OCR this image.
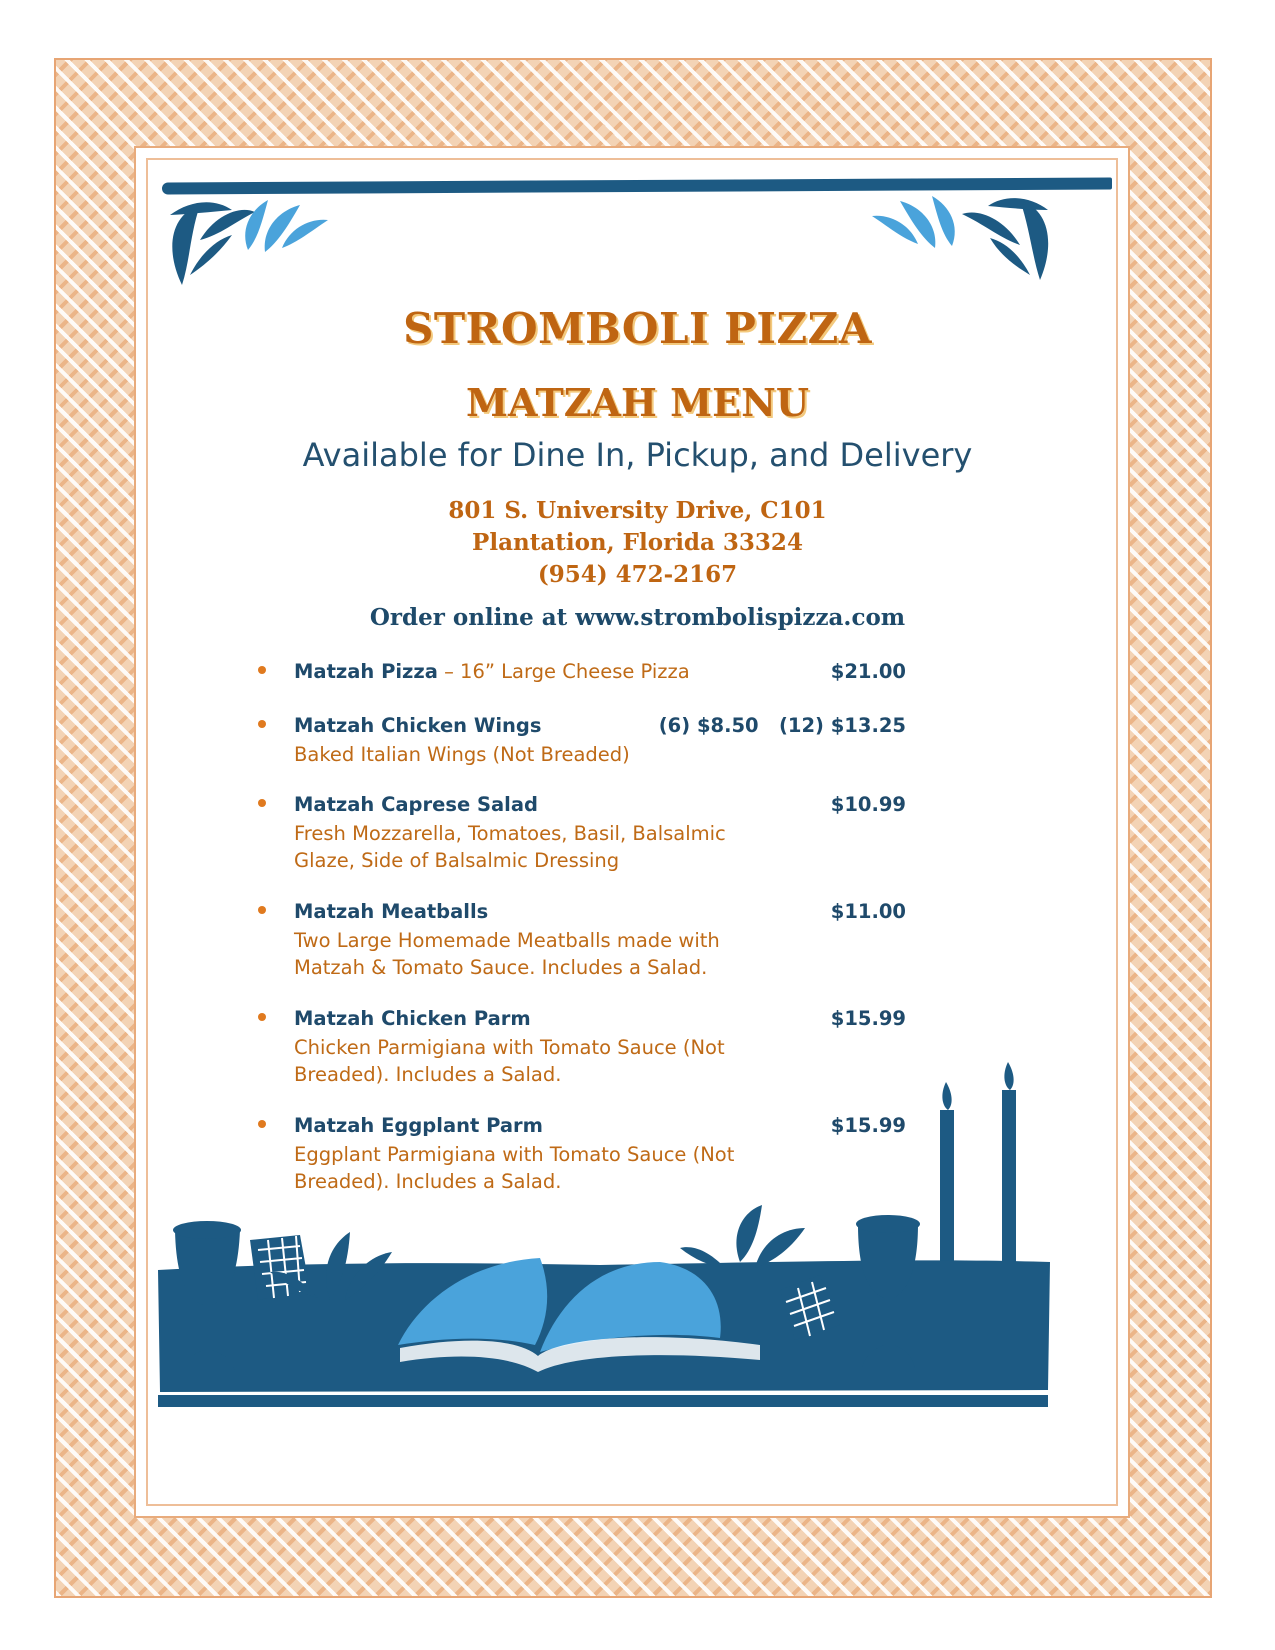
STROMBOLI PIZZA
MATZAH MENU
Available for Dine In, Pickup, and Delivery
801 S. University Drive, C101
Plantation, Florida 33324
(954) 472-2167
Order online at www.strombolispizza.com
Matzah Pizza – 16” Large Cheese Pizza	$21.00
Matzah Chicken Wings	(6) $8.50   (12) $13.25
Baked Italian Wings (Not Breaded)
Matzah Caprese Salad	$10.99
Fresh Mozzarella, Tomatoes, Basil, Balsalmic Glaze, Side of Balsalmic Dressing
Matzah Meatballs	$11.00
Two Large Homemade Meatballs made with Matzah & Tomato Sauce. Includes a Salad.
Matzah Chicken Parm	$15.99
Chicken Parmigiana with Tomato Sauce (Not Breaded). Includes a Salad.
Matzah Eggplant Parm	$15.99
Eggplant Parmigiana with Tomato Sauce (Not Breaded). Includes a Salad.
